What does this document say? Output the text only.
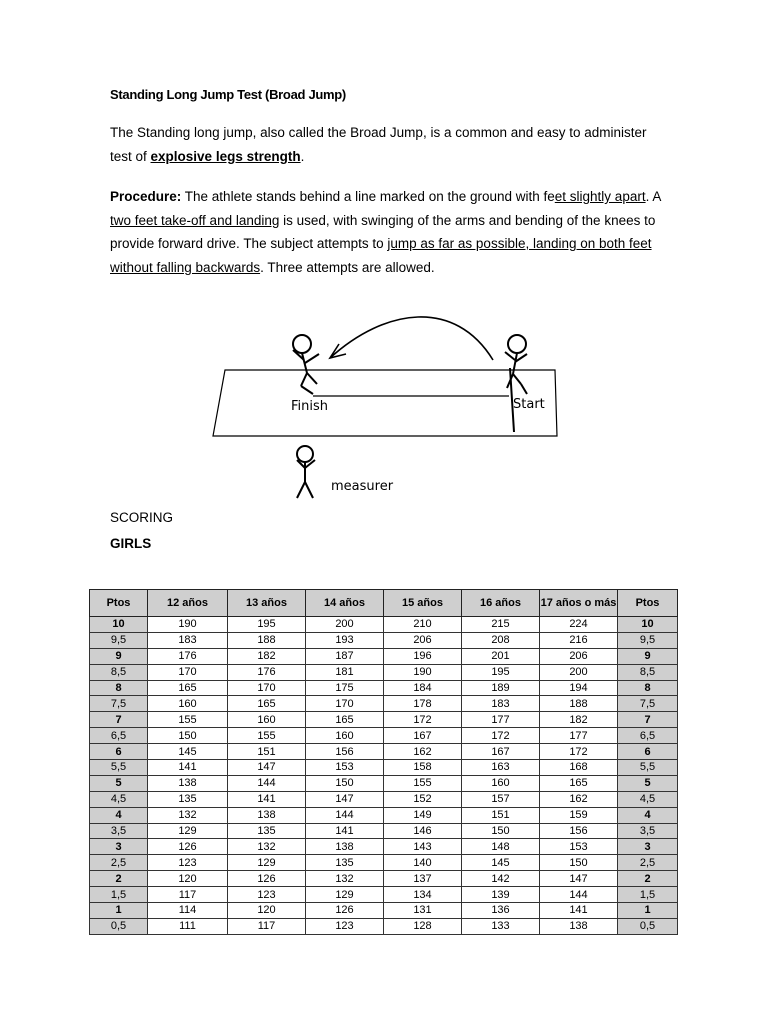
Standing Long Jump Test (Broad Jump)
The Standing long jump, also called the Broad Jump, is a common and easy to administer test of explosive legs strength.
Procedure: The athlete stands behind a line marked on the ground with feet slightly apart. A two feet take-off and landing is used, with swinging of the arms and bending of the knees to provide forward drive. The subject attempts to jump as far as possible, landing on both feet without falling backwards. Three attempts are allowed.
Finish	Start
measurer
SCORING
GIRLS
Ptos	12 años	13 años	14 años	15 años	16 años	17 años o más	Ptos
10	190	195	200	210	215	224	10
9,5	183	188	193	206	208	216	9,5
9	176	182	187	196	201	206	9
8,5	170	176	181	190	195	200	8,5
8	165	170	175	184	189	194	8
7,5	160	165	170	178	183	188	7,5
7	155	160	165	172	177	182	7
6,5	150	155	160	167	172	177	6,5
6	145	151	156	162	167	172	6
5,5	141	147	153	158	163	168	5,5
5	138	144	150	155	160	165	5
4,5	135	141	147	152	157	162	4,5
4	132	138	144	149	151	159	4
3,5	129	135	141	146	150	156	3,5
3	126	132	138	143	148	153	3
2,5	123	129	135	140	145	150	2,5
2	120	126	132	137	142	147	2
1,5	117	123	129	134	139	144	1,5
1	114	120	126	131	136	141	1
0,5	111	117	123	128	133	138	0,5
